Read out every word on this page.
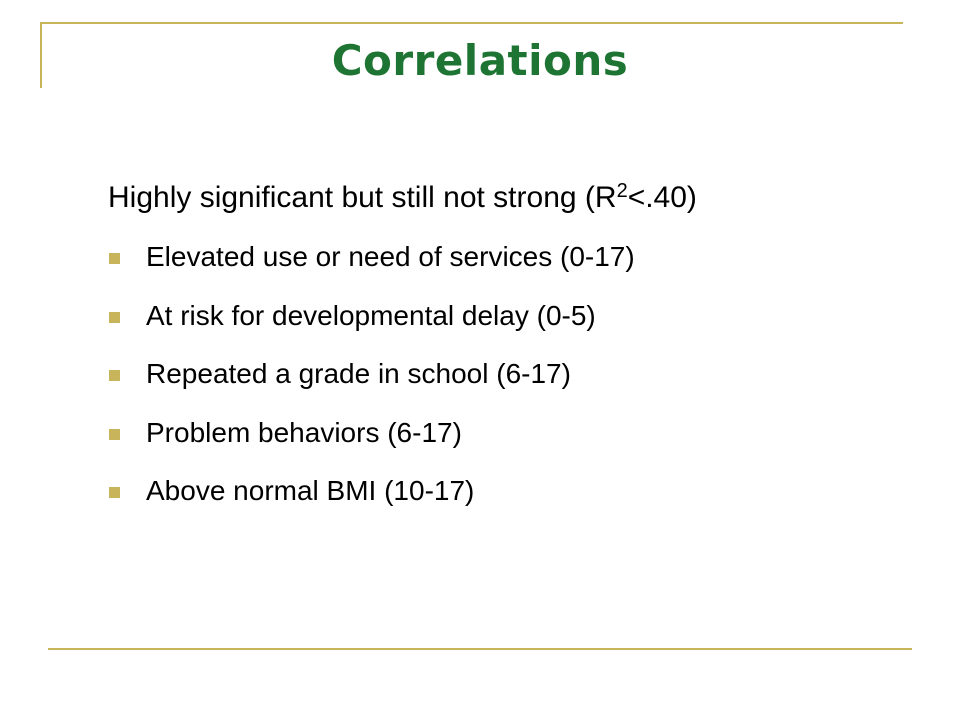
Correlations
Highly significant but still not strong $(R^2<.40)$
Elevated use or need of services (0-17)
At risk for developmental delay (0-5)
Repeated a grade in school (6-17)
Problem behaviors (6-17)
Above normal BMI (10-17)
